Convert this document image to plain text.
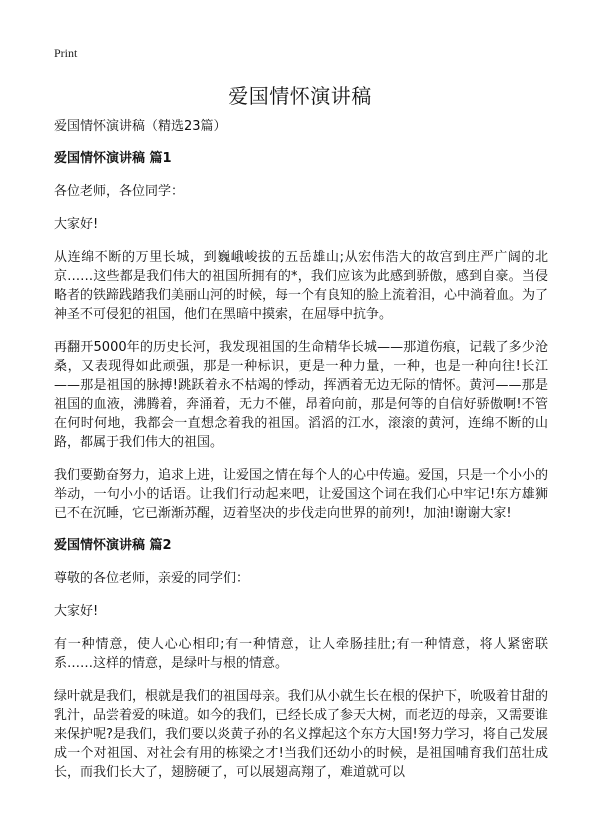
Print
爱国情怀演讲稿
爱国情怀演讲稿（精选23篇）
爱国情怀演讲稿 篇1
各位老师，各位同学：
大家好!
从连绵不断的万里长城，到巍峨峻拔的五岳雄山;从宏伟浩大的故宫到庄严广阔的北京……这些都是我们伟大的祖国所拥有的*，我们应该为此感到骄傲，感到自豪。当侵略者的铁蹄践踏我们美丽山河的时候，每一个有良知的脸上流着泪，心中淌着血。为了神圣不可侵犯的祖国，他们在黑暗中摸索，在屈辱中抗争。
再翻开5000年的历史长河，我发现祖国的生命精华长城——那道伤痕，记载了多少沧桑，又表现得如此顽强，那是一种标识，更是一种力量，一种，也是一种向往!长江——那是祖国的脉搏!跳跃着永不枯竭的悸动，挥洒着无边无际的情怀。黄河——那是祖国的血液，沸腾着，奔涌着，无力不催，昂着向前，那是何等的自信好骄傲啊!不管在何时何地，我都会一直想念着我的祖国。滔滔的江水，滚滚的黄河，连绵不断的山路，都属于我们伟大的祖国。
我们要勤奋努力，追求上进，让爱国之情在每个人的心中传遍。爱国，只是一个小小的举动，一句小小的话语。让我们行动起来吧，让爱国这个词在我们心中牢记!东方雄狮已不在沉睡，它已渐渐苏醒，迈着坚决的步伐走向世界的前列!，加油!谢谢大家!
爱国情怀演讲稿 篇2
尊敬的各位老师，亲爱的同学们：
大家好!
有一种情意，使人心心相印;有一种情意，让人牵肠挂肚;有一种情意，将人紧密联系……这样的情意，是绿叶与根的情意。
绿叶就是我们，根就是我们的祖国母亲。我们从小就生长在根的保护下，吮吸着甘甜的乳汁，品尝着爱的味道。如今的我们，已经长成了参天大树，而老迈的母亲，又需要谁来保护呢?是我们，我们要以炎黄子孙的名义撑起这个东方大国!努力学习，将自己发展成一个对祖国、对社会有用的栋梁之才!当我们还幼小的时候，是祖国哺育我们茁壮成长，而我们长大了，翅膀硬了，可以展翅高翔了，难道就可以
